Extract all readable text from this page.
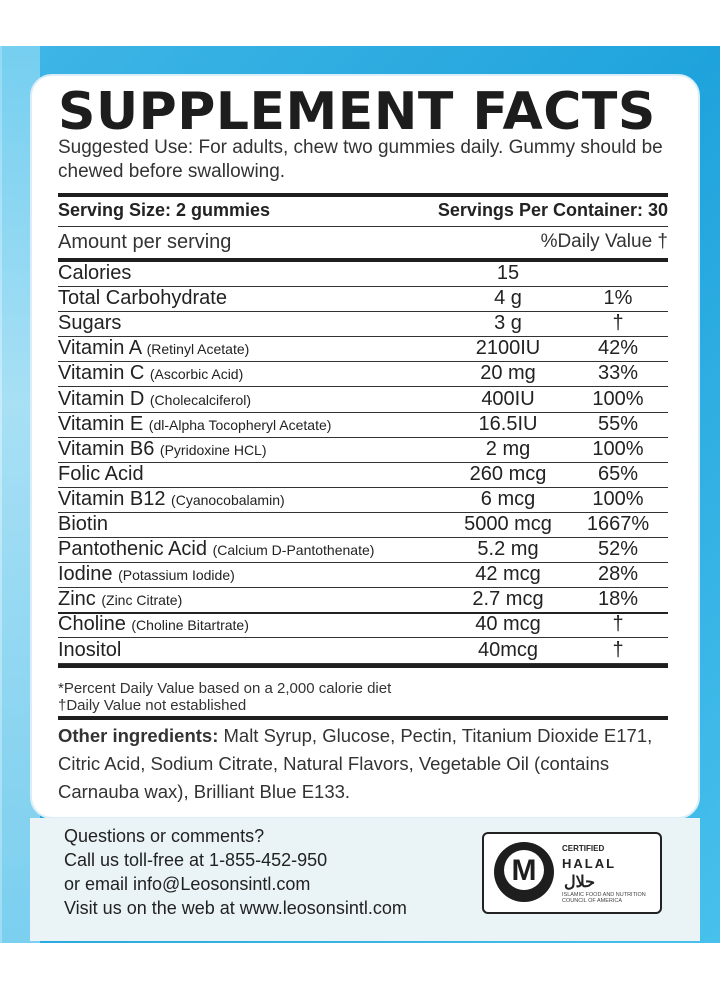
SUPPLEMENT FACTS
Suggested Use: For adults, chew two gummies daily. Gummy should be chewed before swallowing.
Serving Size: 2 gummies	Servings Per Container: 30
Amount per serving	%Daily Value †
Calories	15
Total Carbohydrate	4 g	1%
Sugars	3 g	†
Vitamin A (Retinyl Acetate)	2100IU	42%
Vitamin C (Ascorbic Acid)	20 mg	33%
Vitamin D (Cholecalciferol)	400IU	100%
Vitamin E (dl-Alpha Tocopheryl Acetate)	16.5IU	55%
Vitamin B6 (Pyridoxine HCL)	2 mg	100%
Folic Acid	260 mcg	65%
Vitamin B12 (Cyanocobalamin)	6 mcg	100%
Biotin	5000 mcg	1667%
Pantothenic Acid (Calcium D-Pantothenate)	5.2 mg	52%
Iodine (Potassium Iodide)	42 mcg	28%
Zinc (Zinc Citrate)	2.7 mcg	18%
Choline (Choline Bitartrate)	40 mcg	†
Inositol	40mcg	†
*Percent Daily Value based on a 2,000 calorie diet
†Daily Value not established
Other ingredients: Malt Syrup, Glucose, Pectin, Titanium Dioxide E171, Citric Acid, Sodium Citrate, Natural Flavors, Vegetable Oil (contains Carnauba wax), Brilliant Blue E133.
Questions or comments?
Call us toll-free at 1-855-452-950
or email info@Leosonsintl.com
Visit us on the web at www.leosonsintl.com
M
CERTIFIED
HALAL
حلال
ISLAMIC FOOD AND NUTRITION COUNCIL OF AMERICA
